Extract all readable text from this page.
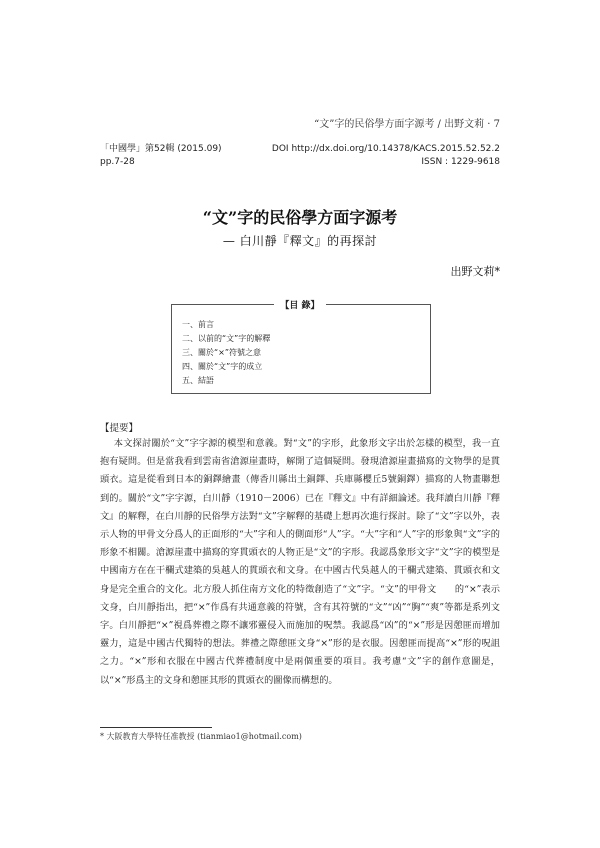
“文”字的民俗學方面字源考 / 出野文莉 · 7
「中國學」第52輯 (2015.09)
pp.7-28
DOI http://dx.doi.org/10.14378/KACS.2015.52.52.2
ISSN : 1229-9618
“文”字的民俗學方面字源考
— 白川靜『釋文』的再探討
出野文莉*
【目 錄】
一、前言
二、以前的“文”字的解釋
三、關於“×”符號之意
四、關於“文”字的成立
五、結語
【提要】

本文探討關於“文”字字源的模型和意義。對“文”的字形，此象形文字出於怎樣的模型，我一直抱有疑問。但是當我看到雲南省滄源崖畫時，解開了這個疑問。發現滄源崖畫描寫的文物學的是貫頭衣。這是從看到日本的銅鐸繪畫（傳香川縣出土銅鐸、兵庫縣櫻丘5號銅鐸）描寫的人物畫聯想到的。關於“文”字字源，白川靜（1910－2006）已在『釋文』中有詳細論述。我拜讀白川靜『釋文』的解釋，在白川靜的民俗學方法對“文”字解釋的基礎上想再次進行探討。除了“文”字以外，表示人物的甲骨文分爲人的正面形的“大”字和人的側面形“人”字。“大”字和“人”字的形象與“文”字的形象不相關。滄源崖畫中描寫的穿貫頭衣的人物正是“文”的字形。我認爲象形文字“文”字的模型是中國南方在在干欄式建築的吳越人的貫頭衣和文身。在中國古代吳越人的干欄式建築、貫頭衣和文身是完全重合的文化。北方殷人抓住南方文化的特徵創造了“文”字。“文”的甲骨文　　的“×”表示文身，白川靜指出，把“×”作爲有共通意義的符號，含有其符號的“文”“凶”“胸”“爽”等都是系列文字。白川靜把“×”視爲葬禮之際不讓邪靈侵入而施加的呪禁。我認爲“凶”的“×”形是因憩匪而增加靈力，這是中國古代獨特的想法。葬禮之際憩匪文身“×”形的是衣服。因憩匪而提高“×”形的呪詛之力。“×”形和衣服在中國古代葬禮制度中是兩個重要的項目。我考慮“文”字的創作意圖是，以“×”形爲主的文身和憩匪其形的貫頭衣的圖像而構想的。

* 大阪教育大學特任准教授 (tianmiao1@hotmail.com)
